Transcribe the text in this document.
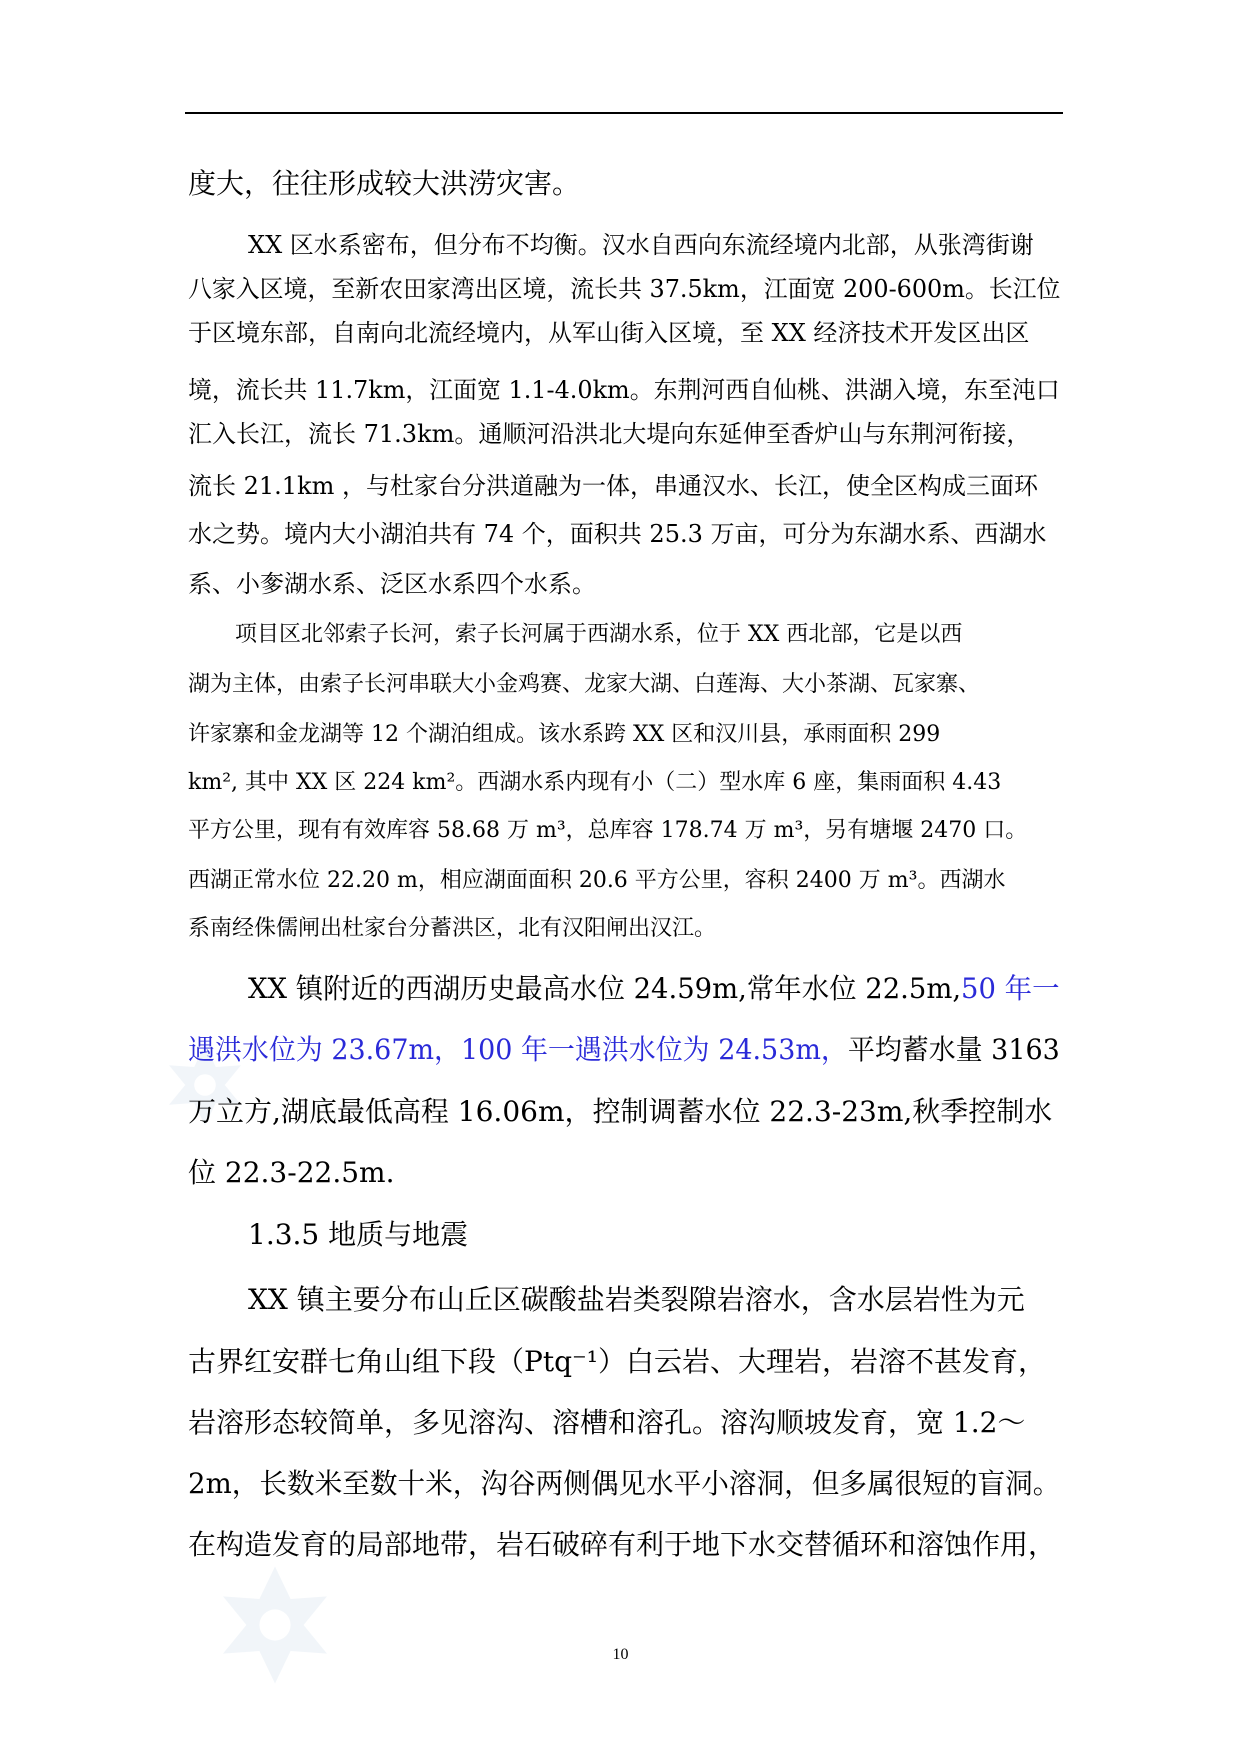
度大，往往形成较大洪涝灾害。
XX 区水系密布，但分布不均衡。汉水自西向东流经境内北部，从张湾街谢
八家入区境，至新农田家湾出区境，流长共 37.5km，江面宽 200-600m。长江位
于区境东部，自南向北流经境内，从军山街入区境，至 XX 经济技术开发区出区
境，流长共 11.7km，江面宽 1.1-4.0km。东荆河西自仙桃、洪湖入境，东至沌口
汇入长江，流长 71.3km。通顺河沿洪北大堤向东延伸至香炉山与东荆河衔接，
流长 21.1km ，与杜家台分洪道融为一体，串通汉水、长江，使全区构成三面环
水之势。境内大小湖泊共有 74 个，面积共 25.3 万亩，可分为东湖水系、西湖水
系、小奓湖水系、泛区水系四个水系。
项目区北邻索子长河，索子长河属于西湖水系，位于 XX 西北部，它是以西
湖为主体，由索子长河串联大小金鸡赛、龙家大湖、白莲海、大小茶湖、瓦家寨、
许家寨和金龙湖等 12 个湖泊组成。该水系跨 XX 区和汉川县，承雨面积 299
km², 其中 XX 区 224 km²。西湖水系内现有小（二）型水库 6 座，集雨面积 4.43
平方公里，现有有效库容 58.68 万 m³，总库容 178.74 万 m³，另有塘堰 2470 口。
西湖正常水位 22.20 m，相应湖面面积 20.6 平方公里，容积 2400 万 m³。西湖水
系南经侏儒闸出杜家台分蓄洪区，北有汉阳闸出汉江。
XX 镇附近的西湖历史最高水位 24.59m,常年水位 22.5m,50 年一
遇洪水位为 23.67m，100 年一遇洪水位为 24.53m，平均蓄水量 3163
万立方,湖底最低高程 16.06m，控制调蓄水位 22.3-23m,秋季控制水
位 22.3-22.5m.
1.3.5 地质与地震
XX 镇主要分布山丘区碳酸盐岩类裂隙岩溶水，含水层岩性为元
古界红安群七角山组下段（Ptq⁻¹）白云岩、大理岩，岩溶不甚发育，
岩溶形态较简单，多见溶沟、溶槽和溶孔。溶沟顺坡发育，宽 1.2～
2m，长数米至数十米，沟谷两侧偶见水平小溶洞，但多属很短的盲洞。
在构造发育的局部地带，岩石破碎有利于地下水交替循环和溶蚀作用，
10
